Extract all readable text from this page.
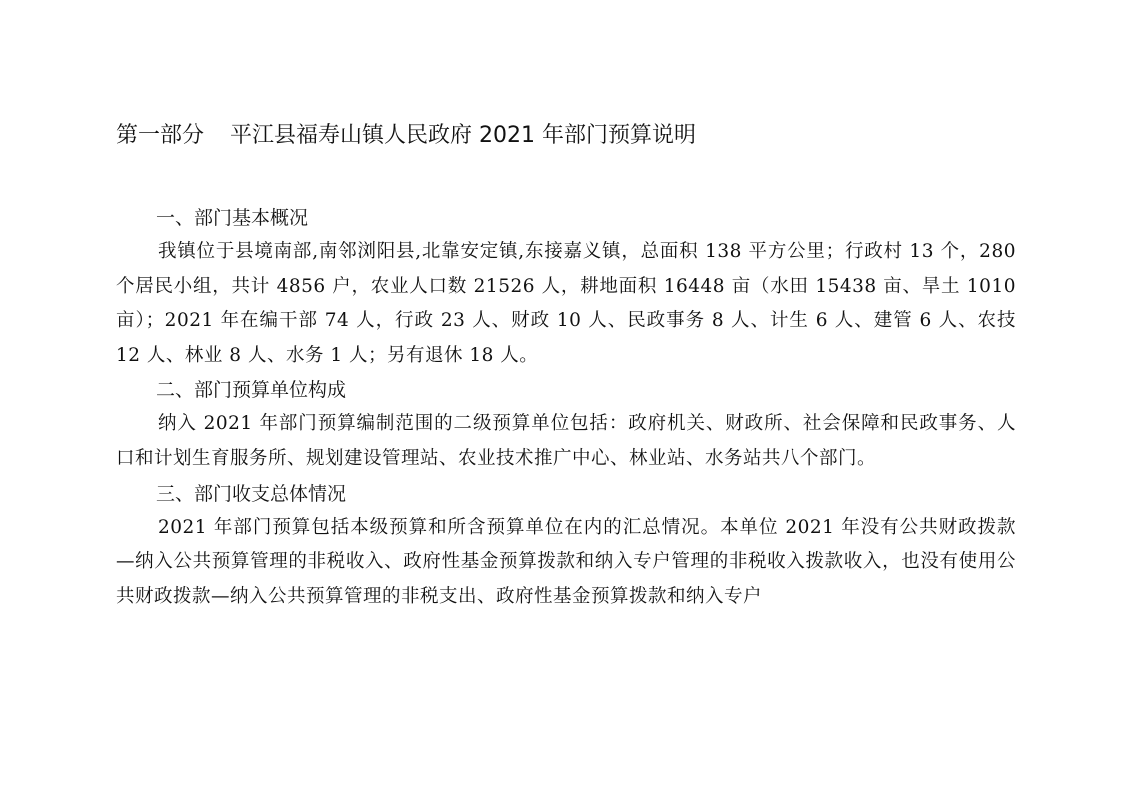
第一部分 平江县福寿山镇人民政府 2021 年部门预算说明

一、部门基本概况

我镇位于县境南部,南邻浏阳县,北靠安定镇,东接嘉义镇，总面积 138 平方公里；行政村 13 个，280 个居民小组，共计 4856 户，农业人口数 21526 人，耕地面积 16448 亩（水田 15438 亩、旱土 1010 亩）；2021 年在编干部 74 人，行政 23 人、财政 10 人、民政事务 8 人、计生 6 人、建管 6 人、农技 12 人、林业 8 人、水务 1 人；另有退休 18 人。

二、部门预算单位构成

纳入 2021 年部门预算编制范围的二级预算单位包括：政府机关、财政所、社会保障和民政事务、人口和计划生育服务所、规划建设管理站、农业技术推广中心、林业站、水务站共八个部门。

三、部门收支总体情况

2021 年部门预算包括本级预算和所含预算单位在内的汇总情况。本单位 2021 年没有公共财政拨款—纳入公共预算管理的非税收入、政府性基金预算拨款和纳入专户管理的非税收入拨款收入，也没有使用公共财政拨款—纳入公共预算管理的非税支出、政府性基金预算拨款和纳入专户
